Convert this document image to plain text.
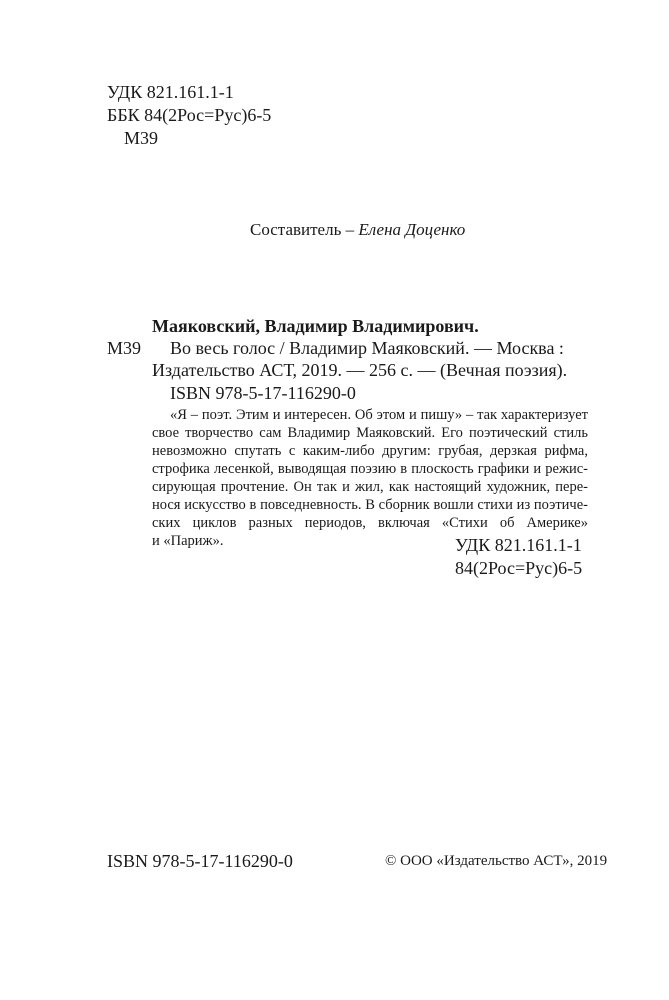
УДК 821.161.1-1
ББК 84(2Рос=Рус)6-5
М39
Составитель – Елена Доценко
Маяковский, Владимир Владимирович.
М39 Во весь голос / Владимир Маяковский. — Москва :
Издательство АСТ, 2019. — 256 с. — (Вечная поэзия).
ISBN 978-5-17-116290-0
«Я – поэт. Этим и интересен. Об этом и пишу» – так характеризует
свое творчество сам Владимир Маяковский. Его поэтический стиль
невозможно спутать с каким-либо другим: грубая, дерзкая рифма,
строфика лесенкой, выводящая поэзию в плоскость графики и режис-
сирующая прочтение. Он так и жил, как настоящий художник, пере-
нося искусство в повседневность. В сборник вошли стихи из поэтиче-
ских циклов разных периодов, включая «Стихи об Америке»
и «Париж».	УДК 821.161.1-1
84(2Рос=Рус)6-5
ISBN 978-5-17-116290-0	© ООО «Издательство АСТ», 2019
